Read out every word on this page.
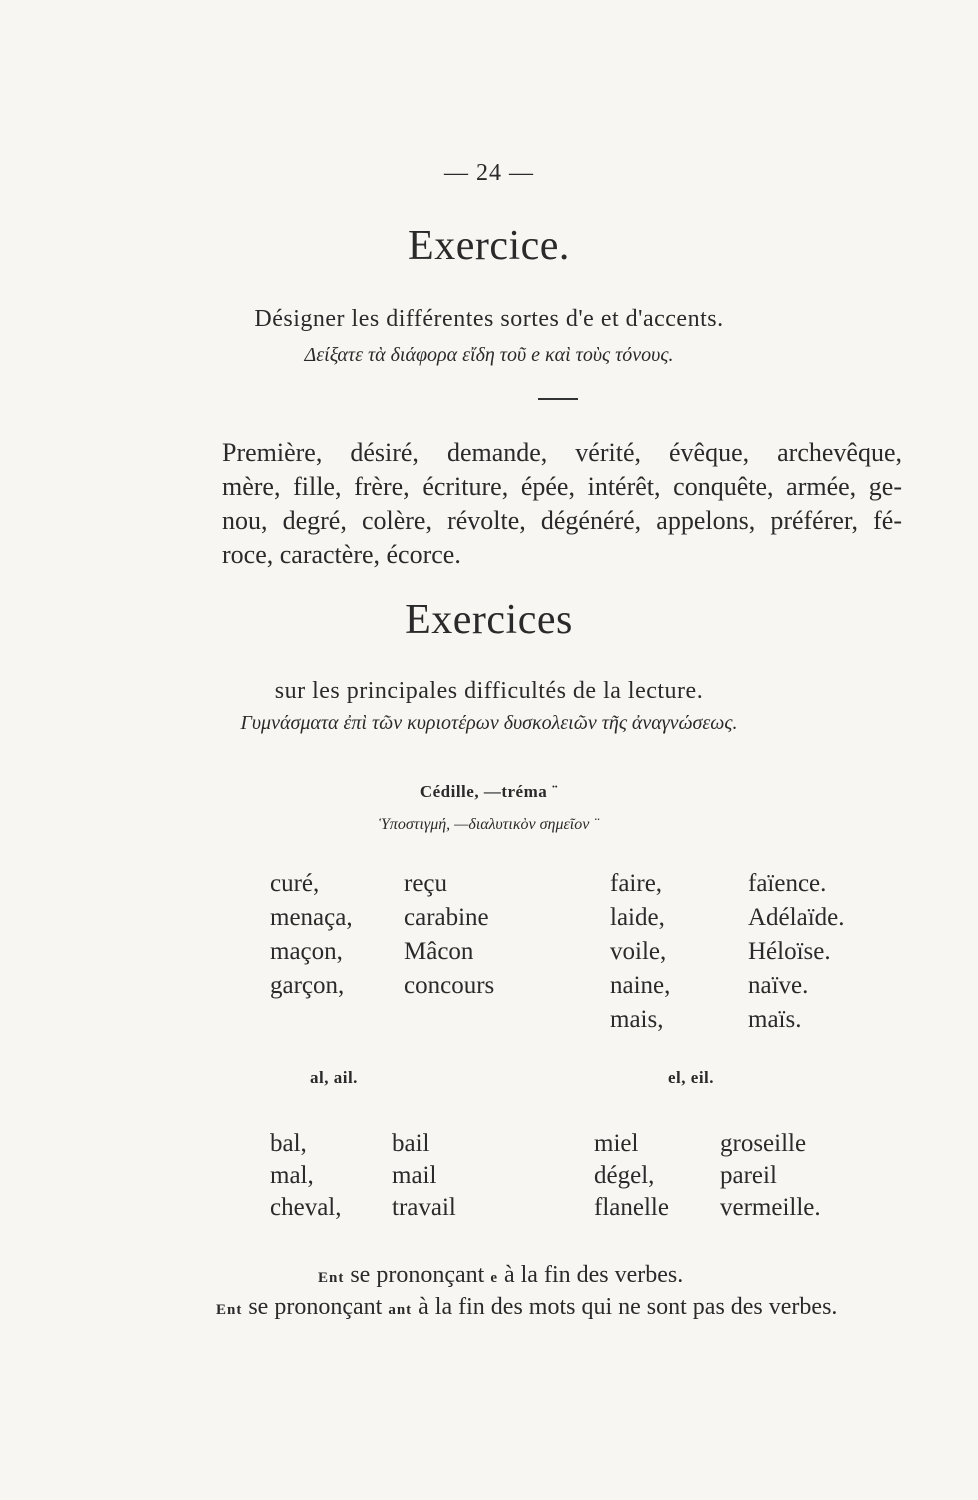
— 24 —
Exercice.
Désigner les différentes sortes d'e et d'accents.
Δείξατε τὰ διάφορα εἴδη τοῦ e καὶ τοὺς τόνους.
Première, désiré, demande, vérité, évêque, archevêque,
mère, fille, frère, écriture, épée, intérêt, conquête, armée, ge-
nou, degré, colère, révolte, dégénéré, appelons, préférer, fé-
roce, caractère, écorce.
Exercices
sur les principales difficultés de la lecture.
Γυμνάσματα ἐπὶ τῶν κυριοτέρων δυσκολειῶν τῆς ἀναγνώσεως.
Cédille, —tréma ¨
Ὑποστιγμή, —διαλυτικὸν σημεῖον ¨
curé,
menaça,
maçon,
garçon,
reçu
carabine
Mâcon
concours
faire,
laide,
voile,
naine,
mais,
faïence.
Adélaïde.
Héloïse.
naïve.
maïs.
al, ail.	el, eil.
bal,
mal,
cheval,
bail
mail
travail
miel
dégel,
flanelle
groseille
pareil
vermeille.
Ent se prononçant e à la fin des verbes.
Ent se prononçant ant à la fin des mots qui ne sont pas des verbes.
